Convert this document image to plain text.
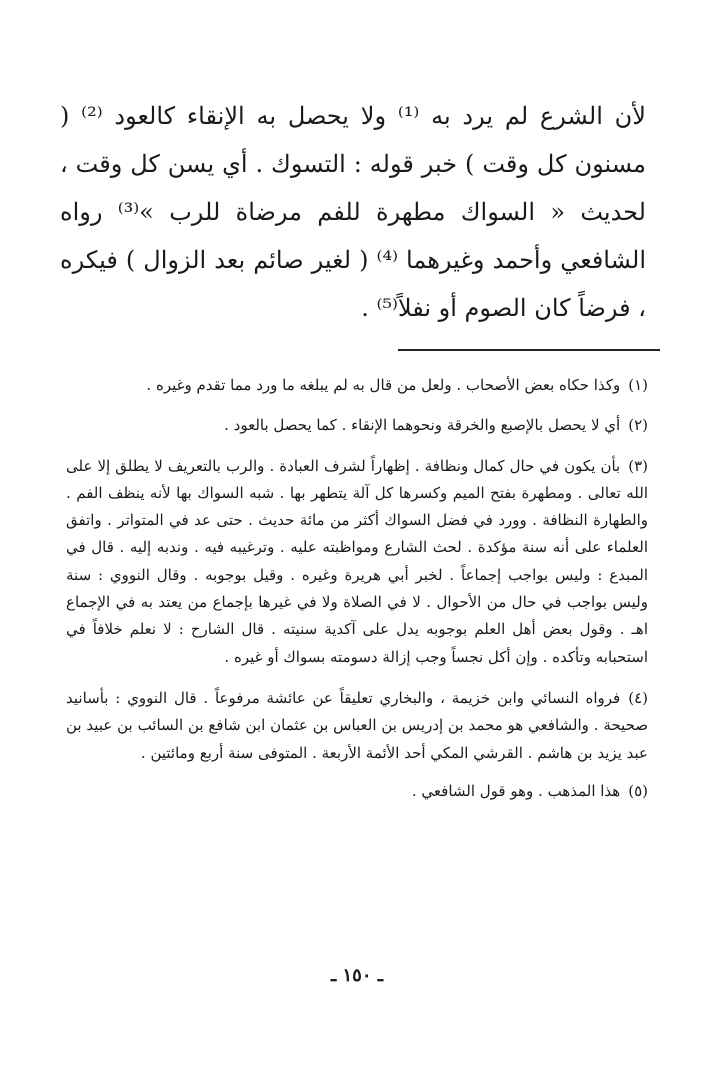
لأن الشرع لم يرد به ⁽¹⁾ ولا يحصل به الإنقاء كالعود ⁽²⁾ ( مسنون كل وقت ) خبر قوله : التسوك . أي يسن كل وقت ، لحديث « السواك مطهرة للفم مرضاة للرب »⁽³⁾ رواه الشافعي وأحمد وغيرهما ⁽⁴⁾ ( لغير صائم بعد الزوال ) فيكره ، فرضاً كان الصوم أو نفلاً⁽⁵⁾ .

(١)وكذا حكاه بعض الأصحاب . ولعل من قال به لم يبلغه ما ورد مما تقدم وغيره .

(٢)أي لا يحصل بالإصبع والخرقة ونحوهما الإنقاء . كما يحصل بالعود .

(٣)بأن يكون في حال كمال ونظافة . إظهاراً لشرف العبادة . والرب بالتعريف لا يطلق إلا على الله تعالى . ومطهرة بفتح الميم وكسرها كل آلة يتطهر بها . شبه السواك بها لأنه ينظف الفم . والطهارة النظافة . وورد في فضل السواك أكثر من مائة حديث . حتى عد في المتواتر . واتفق العلماء على أنه سنة مؤكدة . لحث الشارع ومواظبته عليه . وترغيبه فيه . وندبه إليه . قال في المبدع : وليس بواجب إجماعاً . لخبر أبي هريرة وغيره . وقيل بوجوبه . وقال النووي : سنة وليس بواجب في حال من الأحوال . لا في الصلاة ولا في غيرها بإجماع من يعتد به في الإجماع اهـ . وقول بعض أهل العلم بوجوبه يدل على آكدية سنيته . قال الشارح : لا نعلم خلافاً في استحبابه وتأكده . وإن أكل نجساً وجب إزالة دسومته بسواك أو غيره .

(٤)فرواه النسائي وابن خزيمة ، والبخاري تعليقاً عن عائشة مرفوعاً . قال النووي : بأسانيد صحيحة . والشافعي هو محمد بن إدريس بن العباس بن عثمان ابن شافع بن السائب بن عبيد بن عبد يزيد بن هاشم . القرشي المكي أحد الأئمة الأربعة . المتوفى سنة أربع ومائتين .

(٥)هذا المذهب . وهو قول الشافعي .

ـ ١٥٠ ـ
